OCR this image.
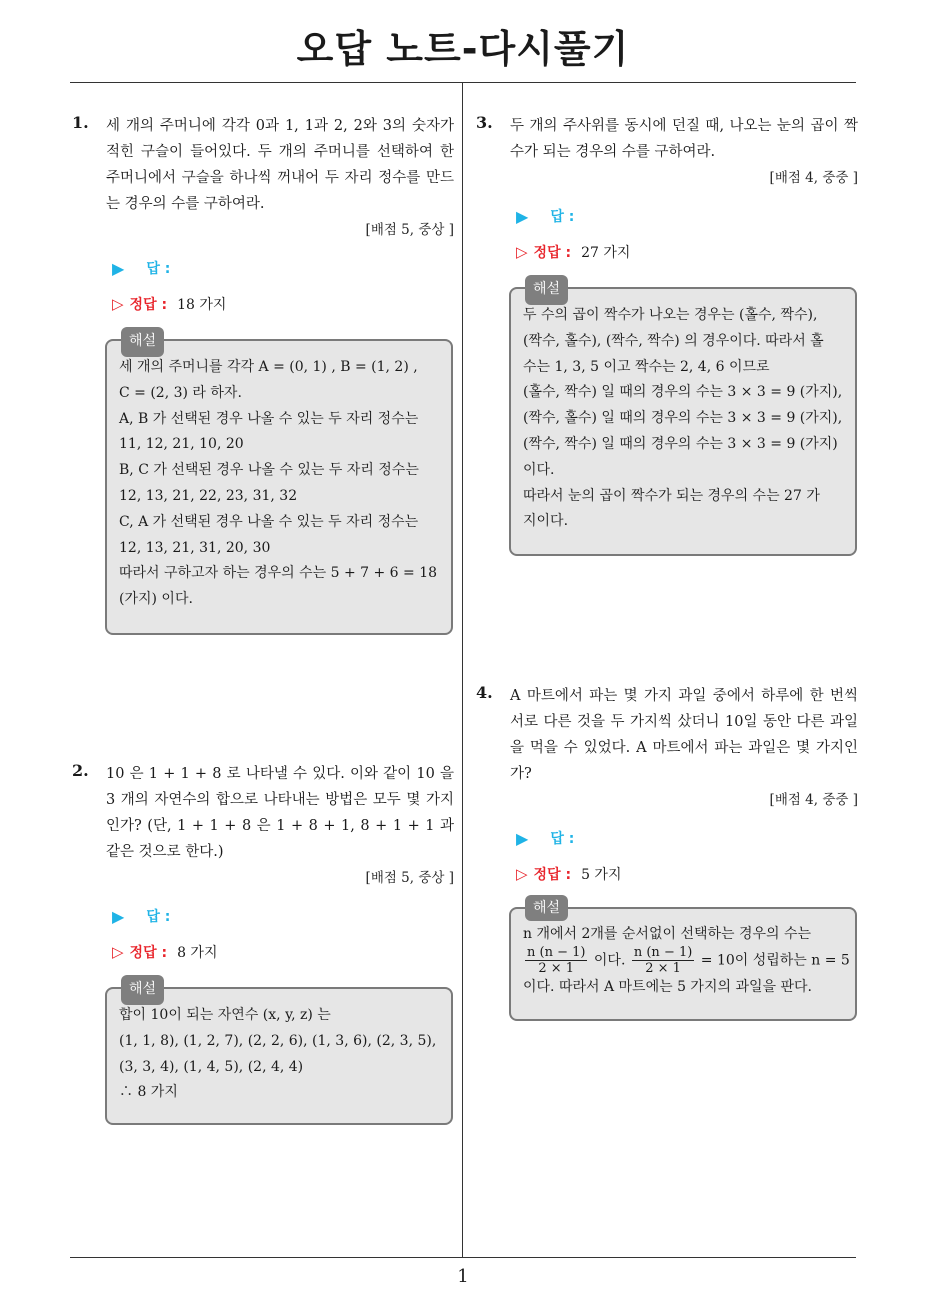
오답 노트-다시풀기
1. 세 개의 주머니에 각각 0과 1, 1과 2, 2와 3의 숫자가 적힌 구슬이 들어있다. 두 개의 주머니를 선택하여 한 주머니에서 구슬을 하나씩 꺼내어 두 자리 정수를 만드는 경우의 수를 구하여라.
[배점 5, 중상 ]
▶ 답 :
▷ 정답 : 18 가지
해설
세 개의 주머니를 각각 A = (0, 1) , B = (1, 2) ,
C = (2, 3) 라 하자.
A, B 가 선택된 경우 나올 수 있는 두 자리 정수는
11, 12, 21, 10, 20
B, C 가 선택된 경우 나올 수 있는 두 자리 정수는
12, 13, 21, 22, 23, 31, 32
C, A 가 선택된 경우 나올 수 있는 두 자리 정수는
12, 13, 21, 31, 20, 30
따라서 구하고자 하는 경우의 수는 5 + 7 + 6 = 18
(가지) 이다.
2. 10 은 1 + 1 + 8 로 나타낼 수 있다. 이와 같이 10 을 3 개의 자연수의 합으로 나타내는 방법은 모두 몇 가지인가? (단, 1 + 1 + 8 은 1 + 8 + 1, 8 + 1 + 1 과 같은 것으로 한다.)
[배점 5, 중상 ]
▶ 답 :
▷ 정답 : 8 가지
해설
합이 10이 되는 자연수 (x, y, z) 는
(1, 1, 8), (1, 2, 7), (2, 2, 6), (1, 3, 6), (2, 3, 5),
(3, 3, 4), (1, 4, 5), (2, 4, 4)
∴ 8 가지
3. 두 개의 주사위를 동시에 던질 때, 나오는 눈의 곱이 짝수가 되는 경우의 수를 구하여라.
[배점 4, 중중 ]
▶ 답 :
▷ 정답 : 27 가지
해설
두 수의 곱이 짝수가 나오는 경우는 (홀수, 짝수),
(짝수, 홀수), (짝수, 짝수) 의 경우이다. 따라서 홀
수는 1, 3, 5 이고 짝수는 2, 4, 6 이므로
(홀수, 짝수) 일 때의 경우의 수는 3 × 3 = 9 (가지),
(짝수, 홀수) 일 때의 경우의 수는 3 × 3 = 9 (가지),
(짝수, 짝수) 일 때의 경우의 수는 3 × 3 = 9 (가지)
이다.
따라서 눈의 곱이 짝수가 되는 경우의 수는 27 가
지이다.
4. A 마트에서 파는 몇 가지 과일 중에서 하루에 한 번씩 서로 다른 것을 두 가지씩 샀더니 10일 동안 다른 과일을 먹을 수 있었다. A 마트에서 파는 과일은 몇 가지인가?
[배점 4, 중중 ]
▶ 답 :
▷ 정답 : 5 가지
해설
n 개에서 2개를 순서없이 선택하는 경우의 수는
$\frac{n (n - 1)}{2 \times 1}$ 이다. $\frac{n (n - 1)}{2 \times 1} = 10$이 성립하는 n = 5
이다. 따라서 A 마트에는 5 가지의 과일을 판다.
1
